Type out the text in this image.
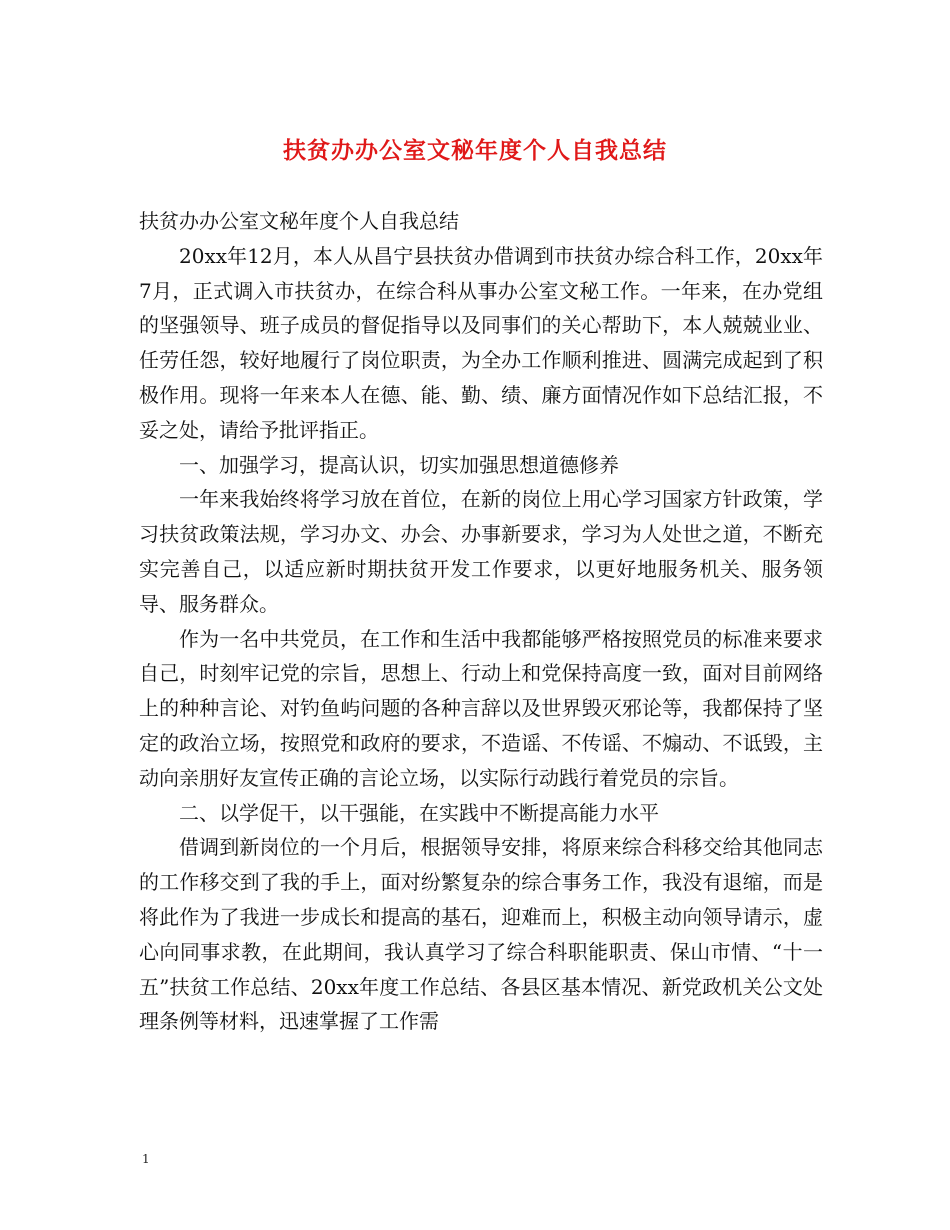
扶贫办办公室文秘年度个人自我总结

扶贫办办公室文秘年度个人自我总结

20xx年12月，本人从昌宁县扶贫办借调到市扶贫办综合科工作，20xx年7月，正式调入市扶贫办，在综合科从事办公室文秘工作。一年来，在办党组的坚强领导、班子成员的督促指导以及同事们的关心帮助下，本人兢兢业业、任劳任怨，较好地履行了岗位职责，为全办工作顺利推进、圆满完成起到了积极作用。现将一年来本人在德、能、勤、绩、廉方面情况作如下总结汇报，不妥之处，请给予批评指正。

一、加强学习，提高认识，切实加强思想道德修养

一年来我始终将学习放在首位，在新的岗位上用心学习国家方针政策，学习扶贫政策法规，学习办文、办会、办事新要求，学习为人处世之道，不断充实完善自己，以适应新时期扶贫开发工作要求，以更好地服务机关、服务领导、服务群众。

作为一名中共党员，在工作和生活中我都能够严格按照党员的标准来要求自己，时刻牢记党的宗旨，思想上、行动上和党保持高度一致，面对目前网络上的种种言论、对钓鱼屿问题的各种言辞以及世界毁灭邪论等，我都保持了坚定的政治立场，按照党和政府的要求，不造谣、不传谣、不煽动、不诋毁，主动向亲朋好友宣传正确的言论立场，以实际行动践行着党员的宗旨。

二、以学促干，以干强能，在实践中不断提高能力水平

借调到新岗位的一个月后，根据领导安排，将原来综合科移交给其他同志的工作移交到了我的手上，面对纷繁复杂的综合事务工作，我没有退缩，而是将此作为了我进一步成长和提高的基石，迎难而上，积极主动向领导请示，虚心向同事求教，在此期间，我认真学习了综合科职能职责、保山市情、“十一五”扶贫工作总结、20xx年度工作总结、各县区基本情况、新党政机关公文处理条例等材料，迅速掌握了工作需

1
